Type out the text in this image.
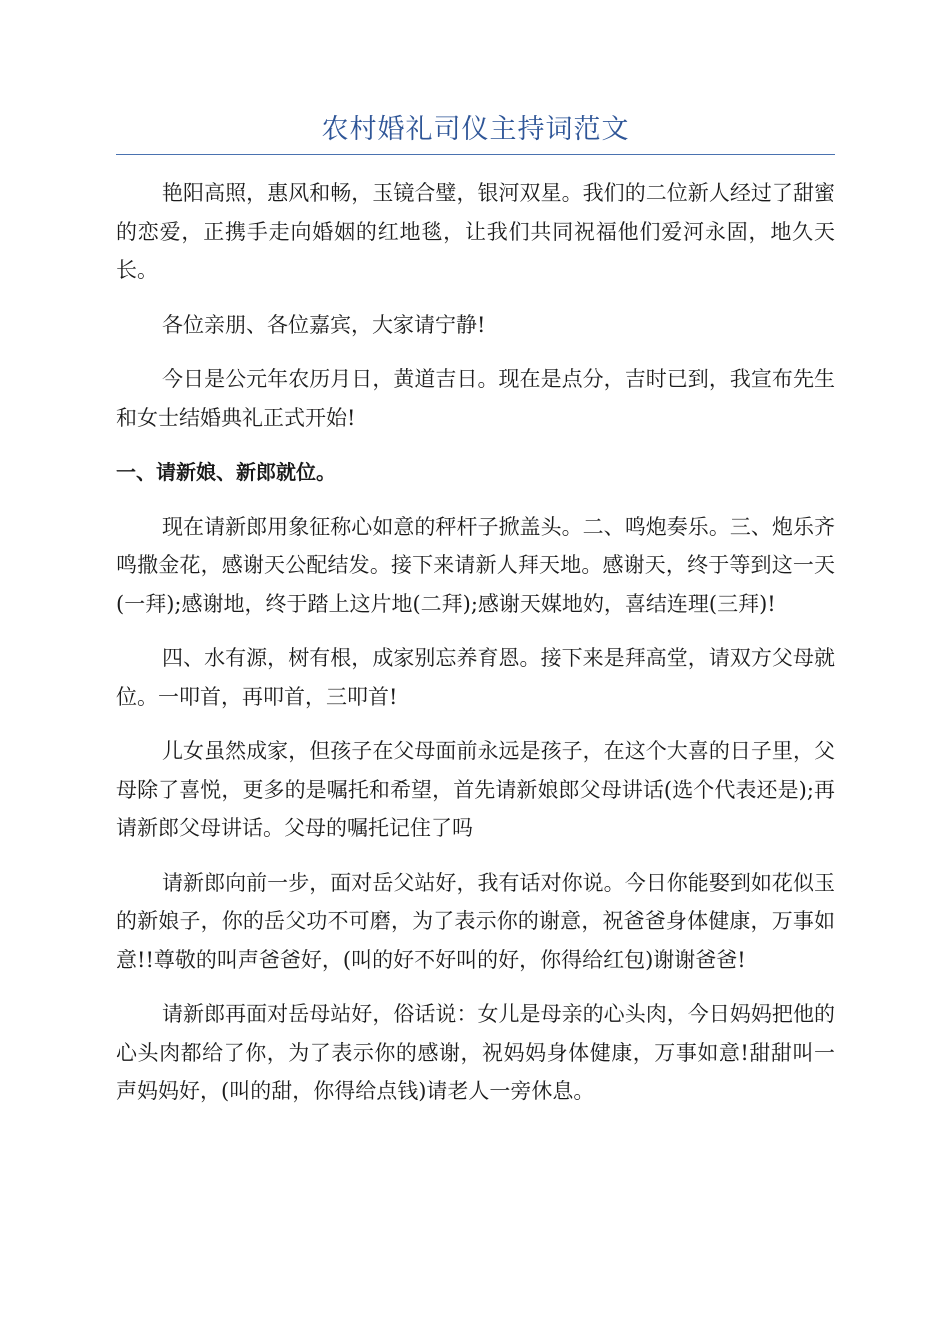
农村婚礼司仪主持词范文

艳阳高照，惠风和畅，玉镜合璧，银河双星。我们的二位新人经过了甜蜜的恋爱，正携手走向婚姻的红地毯，让我们共同祝福他们爱河永固，地久天长。

各位亲朋、各位嘉宾，大家请宁静!

今日是公元年农历月日，黄道吉日。现在是点分，吉时已到，我宣布先生和女士结婚典礼正式开始!

一、请新娘、新郎就位。

现在请新郎用象征称心如意的秤杆子掀盖头。二、鸣炮奏乐。三、炮乐齐鸣撒金花，感谢天公配结发。接下来请新人拜天地。感谢天，终于等到这一天(一拜);感谢地，终于踏上这片地(二拜);感谢天媒地妁，喜结连理(三拜)!

四、水有源，树有根，成家别忘养育恩。接下来是拜高堂，请双方父母就位。一叩首，再叩首，三叩首!

儿女虽然成家，但孩子在父母面前永远是孩子，在这个大喜的日子里，父母除了喜悦，更多的是嘱托和希望，首先请新娘郎父母讲话(选个代表还是);再请新郎父母讲话。父母的嘱托记住了吗

请新郎向前一步，面对岳父站好，我有话对你说。今日你能娶到如花似玉的新娘子，你的岳父功不可磨，为了表示你的谢意，祝爸爸身体健康，万事如意!!尊敬的叫声爸爸好，(叫的好不好叫的好，你得给红包)谢谢爸爸!

请新郎再面对岳母站好，俗话说：女儿是母亲的心头肉，今日妈妈把他的心头肉都给了你，为了表示你的感谢，祝妈妈身体健康，万事如意!甜甜叫一声妈妈好，(叫的甜，你得给点钱)请老人一旁休息。
